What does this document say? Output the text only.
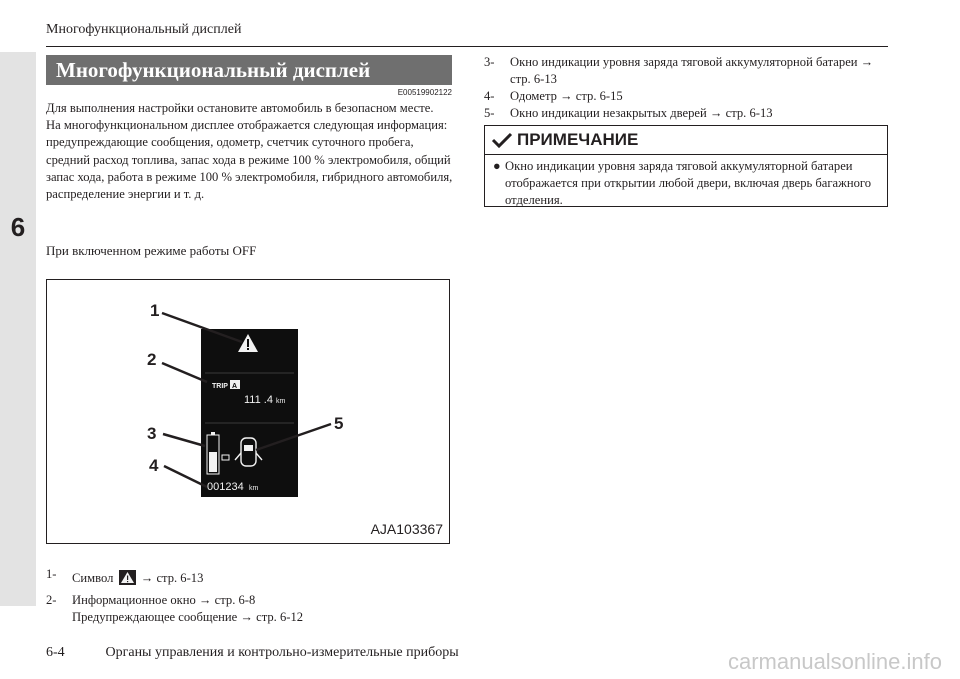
6
Многофункциональный дисплей
Многофункциональный дисплей
E00519902122

Для выполнения настройки остановите автомобиль в безопасном месте.

На многофункциональном дисплее отображается следующая информация: предупреждающие сообщения, одометр, счетчик суточного пробега, средний расход топлива, запас хода в режиме 100 % электромобиля, общий запас хода, работа в режиме 100 % электромобиля, гибридного автомобиля, распределение энергии и т. д.

При включенном режиме работы OFF
TRIP A
111 .4 km
001234 km
1
2
3
4
5
AJA103367
1-	Символ → стр. 6-13
2-	Информационное окно → стр. 6-8
Предупреждающее сообщение → стр. 6-12
3-	Окно индикации уровня заряда тяговой аккумуляторной батареи → стр. 6-13
4-	Одометр → стр. 6-15
5-	Окно индикации незакрытых дверей → стр. 6-13
ПРИМЕЧАНИЕ
● Окно индикации уровня заряда тяговой аккумуляторной батареи отображается при открытии любой двери, включая дверь багажного отделения.
6-4	Органы управления и контрольно-измерительные приборы	carmanualsonline.info
